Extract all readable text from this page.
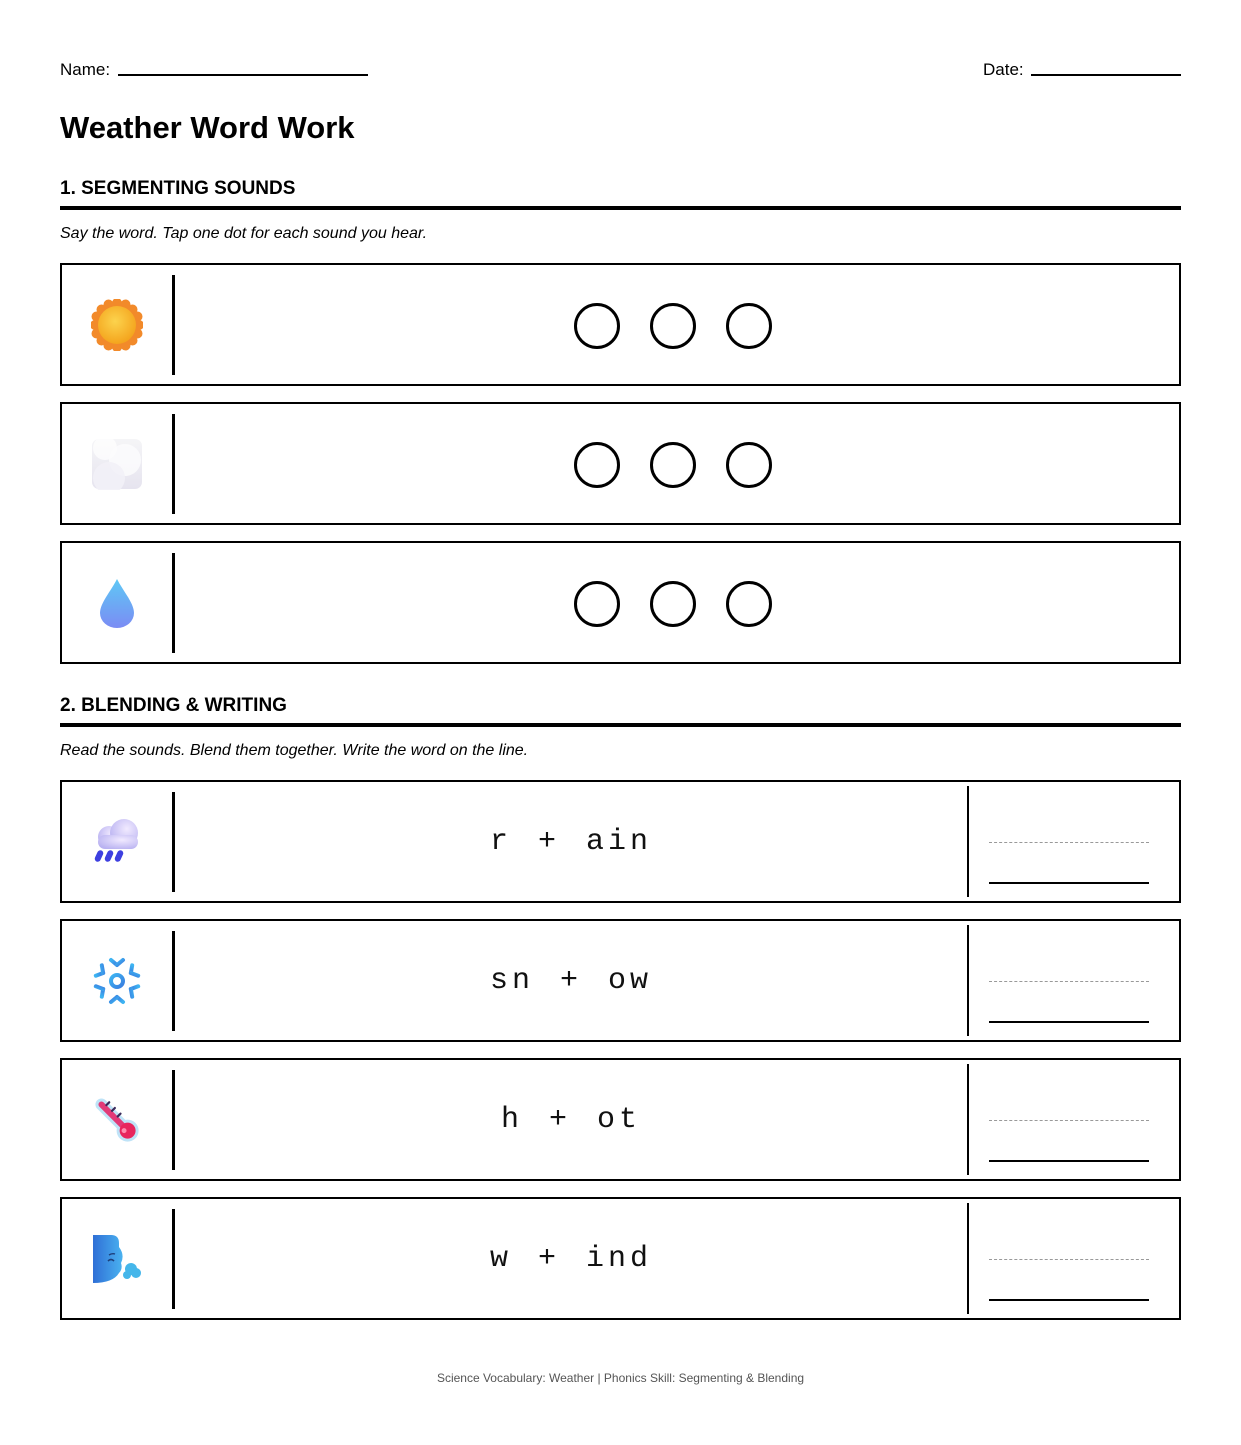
Name:	Date:
Weather Word Work
1. SEGMENTING SOUNDS
Say the word. Tap one dot for each sound you hear.
2. BLENDING & WRITING
Read the sounds. Blend them together. Write the word on the line.
r + ain
sn + ow
h + ot
w + ind
Science Vocabulary: Weather | Phonics Skill: Segmenting & Blending
